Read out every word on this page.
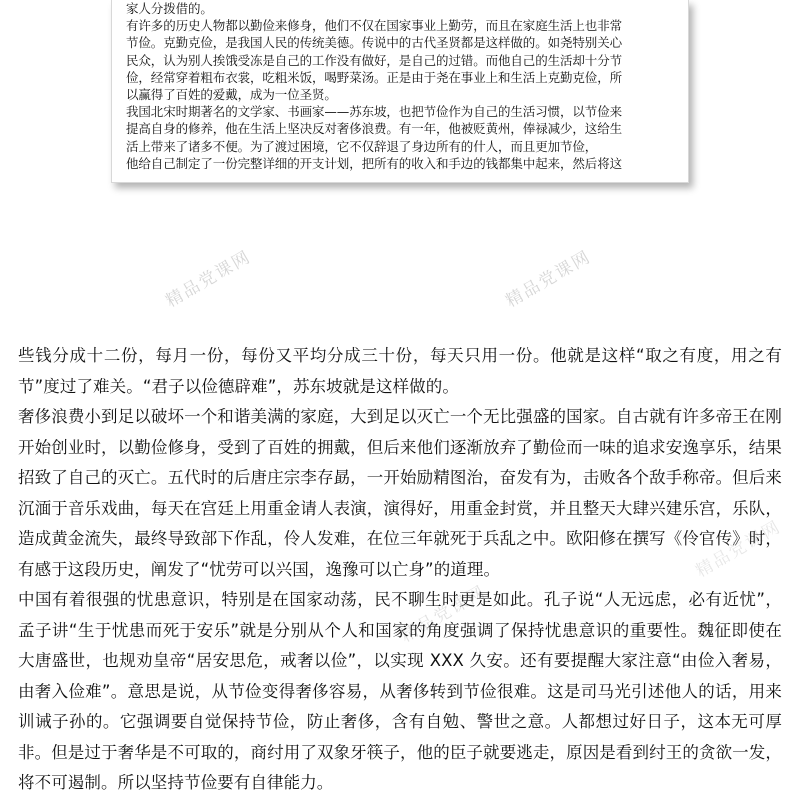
家人分拨借的。

有许多的历史人物都以勤俭来修身，他们不仅在国家事业上勤劳，而且在家庭生活上也非常

节俭。克勤克俭，是我国人民的传统美德。传说中的古代圣贤都是这样做的。如尧特别关心

民众，认为别人挨饿受冻是自己的工作没有做好，是自己的过错。而他自己的生活却十分节

俭，经常穿着粗布衣裳，吃粗米饭，喝野菜汤。正是由于尧在事业上和生活上克勤克俭，所

以赢得了百姓的爱戴，成为一位圣贤。

我国北宋时期著名的文学家、书画家——苏东坡，也把节俭作为自己的生活习惯，以节俭来

提高自身的修养，他在生活上坚决反对奢侈浪费。有一年，他被贬黄州，俸禄减少，这给生

活上带来了诸多不便。为了渡过困境，它不仅辞退了身边所有的什人，而且更加节俭，

他给自己制定了一份完整详细的开支计划，把所有的收入和手边的钱都集中起来，然后将这

精品党课网	精品党课网
精品党课网
精品党课网

些钱分成十二份，每月一份，每份又平均分成三十份，每天只用一份。他就是这样“取之有度，用之有节”度过了难关。“君子以俭德辟难”，苏东坡就是这样做的。

奢侈浪费小到足以破坏一个和谐美满的家庭，大到足以灭亡一个无比强盛的国家。自古就有许多帝王在刚开始创业时，以勤俭修身，受到了百姓的拥戴，但后来他们逐渐放弃了勤俭而一味的追求安逸享乐，结果招致了自己的灭亡。五代时的后唐庄宗李存勗，一开始励精图治，奋发有为，击败各个敌手称帝。但后来沉湎于音乐戏曲，每天在宫廷上用重金请人表演，演得好，用重金封赏，并且整天大肆兴建乐宫，乐队，造成黄金流失，最终导致部下作乱，伶人发难，在位三年就死于兵乱之中。欧阳修在撰写《伶官传》时，有感于这段历史，阐发了“忧劳可以兴国，逸豫可以亡身”的道理。

中国有着很强的忧患意识，特别是在国家动荡，民不聊生时更是如此。孔子说“人无远虑，必有近忧”，孟子讲“生于忧患而死于安乐”就是分别从个人和国家的角度强调了保持忧患意识的重要性。魏征即使在大唐盛世，也规劝皇帝“居安思危，戒奢以俭”，以实现 XXX 久安。还有要提醒大家注意“由俭入奢易，由奢入俭难”。意思是说，从节俭变得奢侈容易，从奢侈转到节俭很难。这是司马光引述他人的话，用来训诫子孙的。它强调要自觉保持节俭，防止奢侈，含有自勉、警世之意。人都想过好日子，这本无可厚非。但是过于奢华是不可取的，商纣用了双象牙筷子，他的臣子就要逃走，原因是看到纣王的贪欲一发，将不可遏制。所以坚持节俭要有自律能力。
